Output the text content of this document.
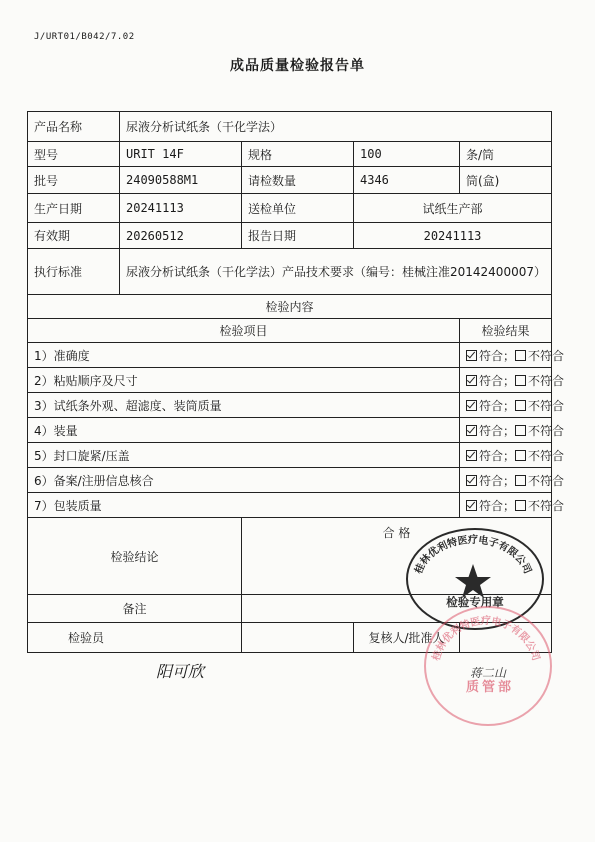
J/URT01/B042/7.02
成品质量检验报告单
产品名称	尿液分析试纸条（干化学法）			
型号	URIT 14F	规格	100	条/筒
批号	24090588M1	请检数量	4346	筒(盒)
生产日期	20241113	送检单位	试纸生产部	
有效期	20260512	报告日期	20241113	
执行标准	尿液分析试纸条（干化学法）产品技术要求（编号：桂械注准20142400007）			
检验内容				
检验项目				检验结果
1）准确度				符合； 不符合
2）粘贴顺序及尺寸				符合； 不符合
3）试纸条外观、超滤度、装筒质量				符合； 不符合
4）装量				符合； 不符合
5）封口旋紧/压盖				符合； 不符合
6）备案/注册信息核合				符合； 不符合
7）包装质量				符合； 不符合
检验结论		合 格		
备注				
检验员			复核人/批准人	
阳可欣	蒋二山
桂林优利特医疗电子有限公司
检验专用章
桂林优利特医疗电子有限公司
质管部
